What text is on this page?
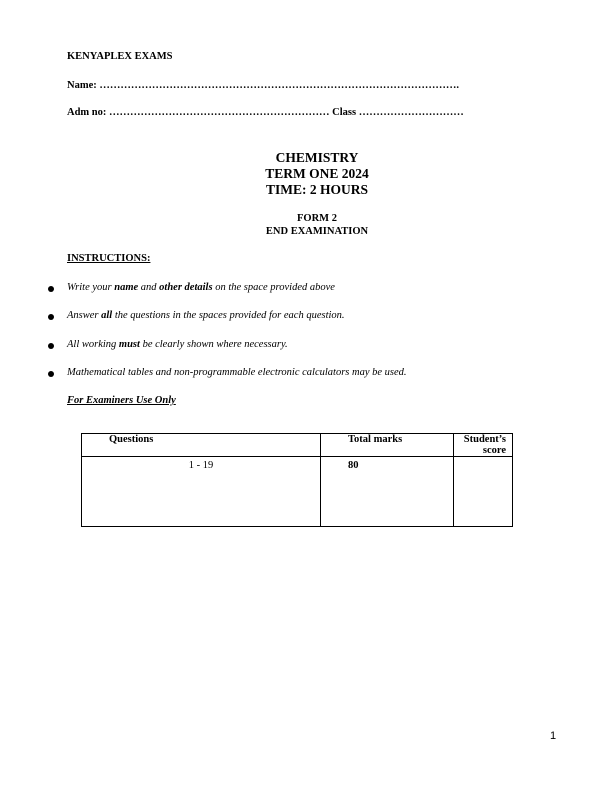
KENYAPLEX EXAMS
Name: ………………………………………………………………………………………….
Adm no: ……………………………………………………… Class …………………………
CHEMISTRY
TERM ONE 2024
TIME: 2 HOURS
FORM 2
END EXAMINATION
INSTRUCTIONS:
Write your name and other details on the space provided above
Answer all the questions in the spaces provided for each question.
All working must be clearly shown where necessary.
Mathematical tables and non-programmable electronic calculators may be used.
For Examiners Use Only
Questions	Total marks	Student’s score
1 - 19	80	
1
